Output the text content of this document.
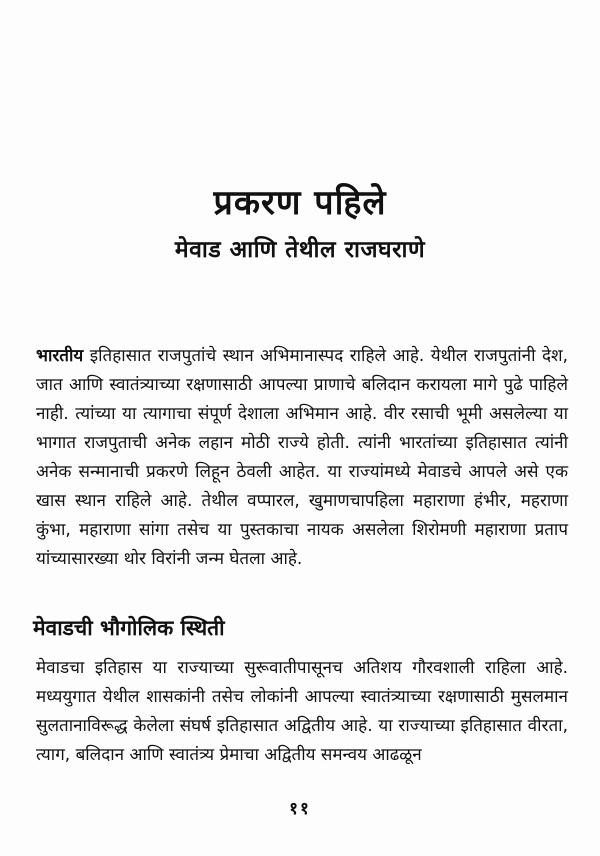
प्रकरण पहिले
मेवाड आणि तेथील राजघराणे

भारतीय इतिहासात राजपुतांचे स्थान अभिमानास्पद राहिले आहे. येथील राजपुतांनी देश, जात आणि स्वातंत्र्याच्या रक्षणासाठी आपल्या प्राणाचे बलिदान करायला मागे पुढे पाहिले नाही. त्यांच्या या त्यागाचा संपूर्ण देशाला अभिमान आहे. वीर रसाची भूमी असलेल्या या भागात राजपुताची अनेक लहान मोठी राज्ये होती. त्यांनी भारतांच्या इतिहासात त्यांनी अनेक सन्मानाची प्रकरणे लिहून ठेवली आहेत. या राज्यांमध्ये मेवाडचे आपले असे एक खास स्थान राहिले आहे. तेथील वप्पारल, खुमाणचापहिला महाराणा हंभीर, महराणा कुंभा, महाराणा सांगा तसेच या पुस्तकाचा नायक असलेला शिरोमणी महाराणा प्रताप यांच्यासारख्या थोर विरांनी जन्म घेतला आहे.

मेवाडची भौगोलिक स्थिती

मेवाडचा इतिहास या राज्याच्या सुरूवातीपासूनच अतिशय गौरवशाली राहिला आहे. मध्ययुगात येथील शासकांनी तसेच लोकांनी आपल्या स्वातंत्र्याच्या रक्षणासाठी मुसलमान सुलतानाविरूद्ध केलेला संघर्ष इतिहासात अद्वितीय आहे. या राज्याच्या इतिहासात वीरता, त्याग, बलिदान आणि स्वातंत्र्य प्रेमाचा अद्वितीय समन्वय आढळून

११
